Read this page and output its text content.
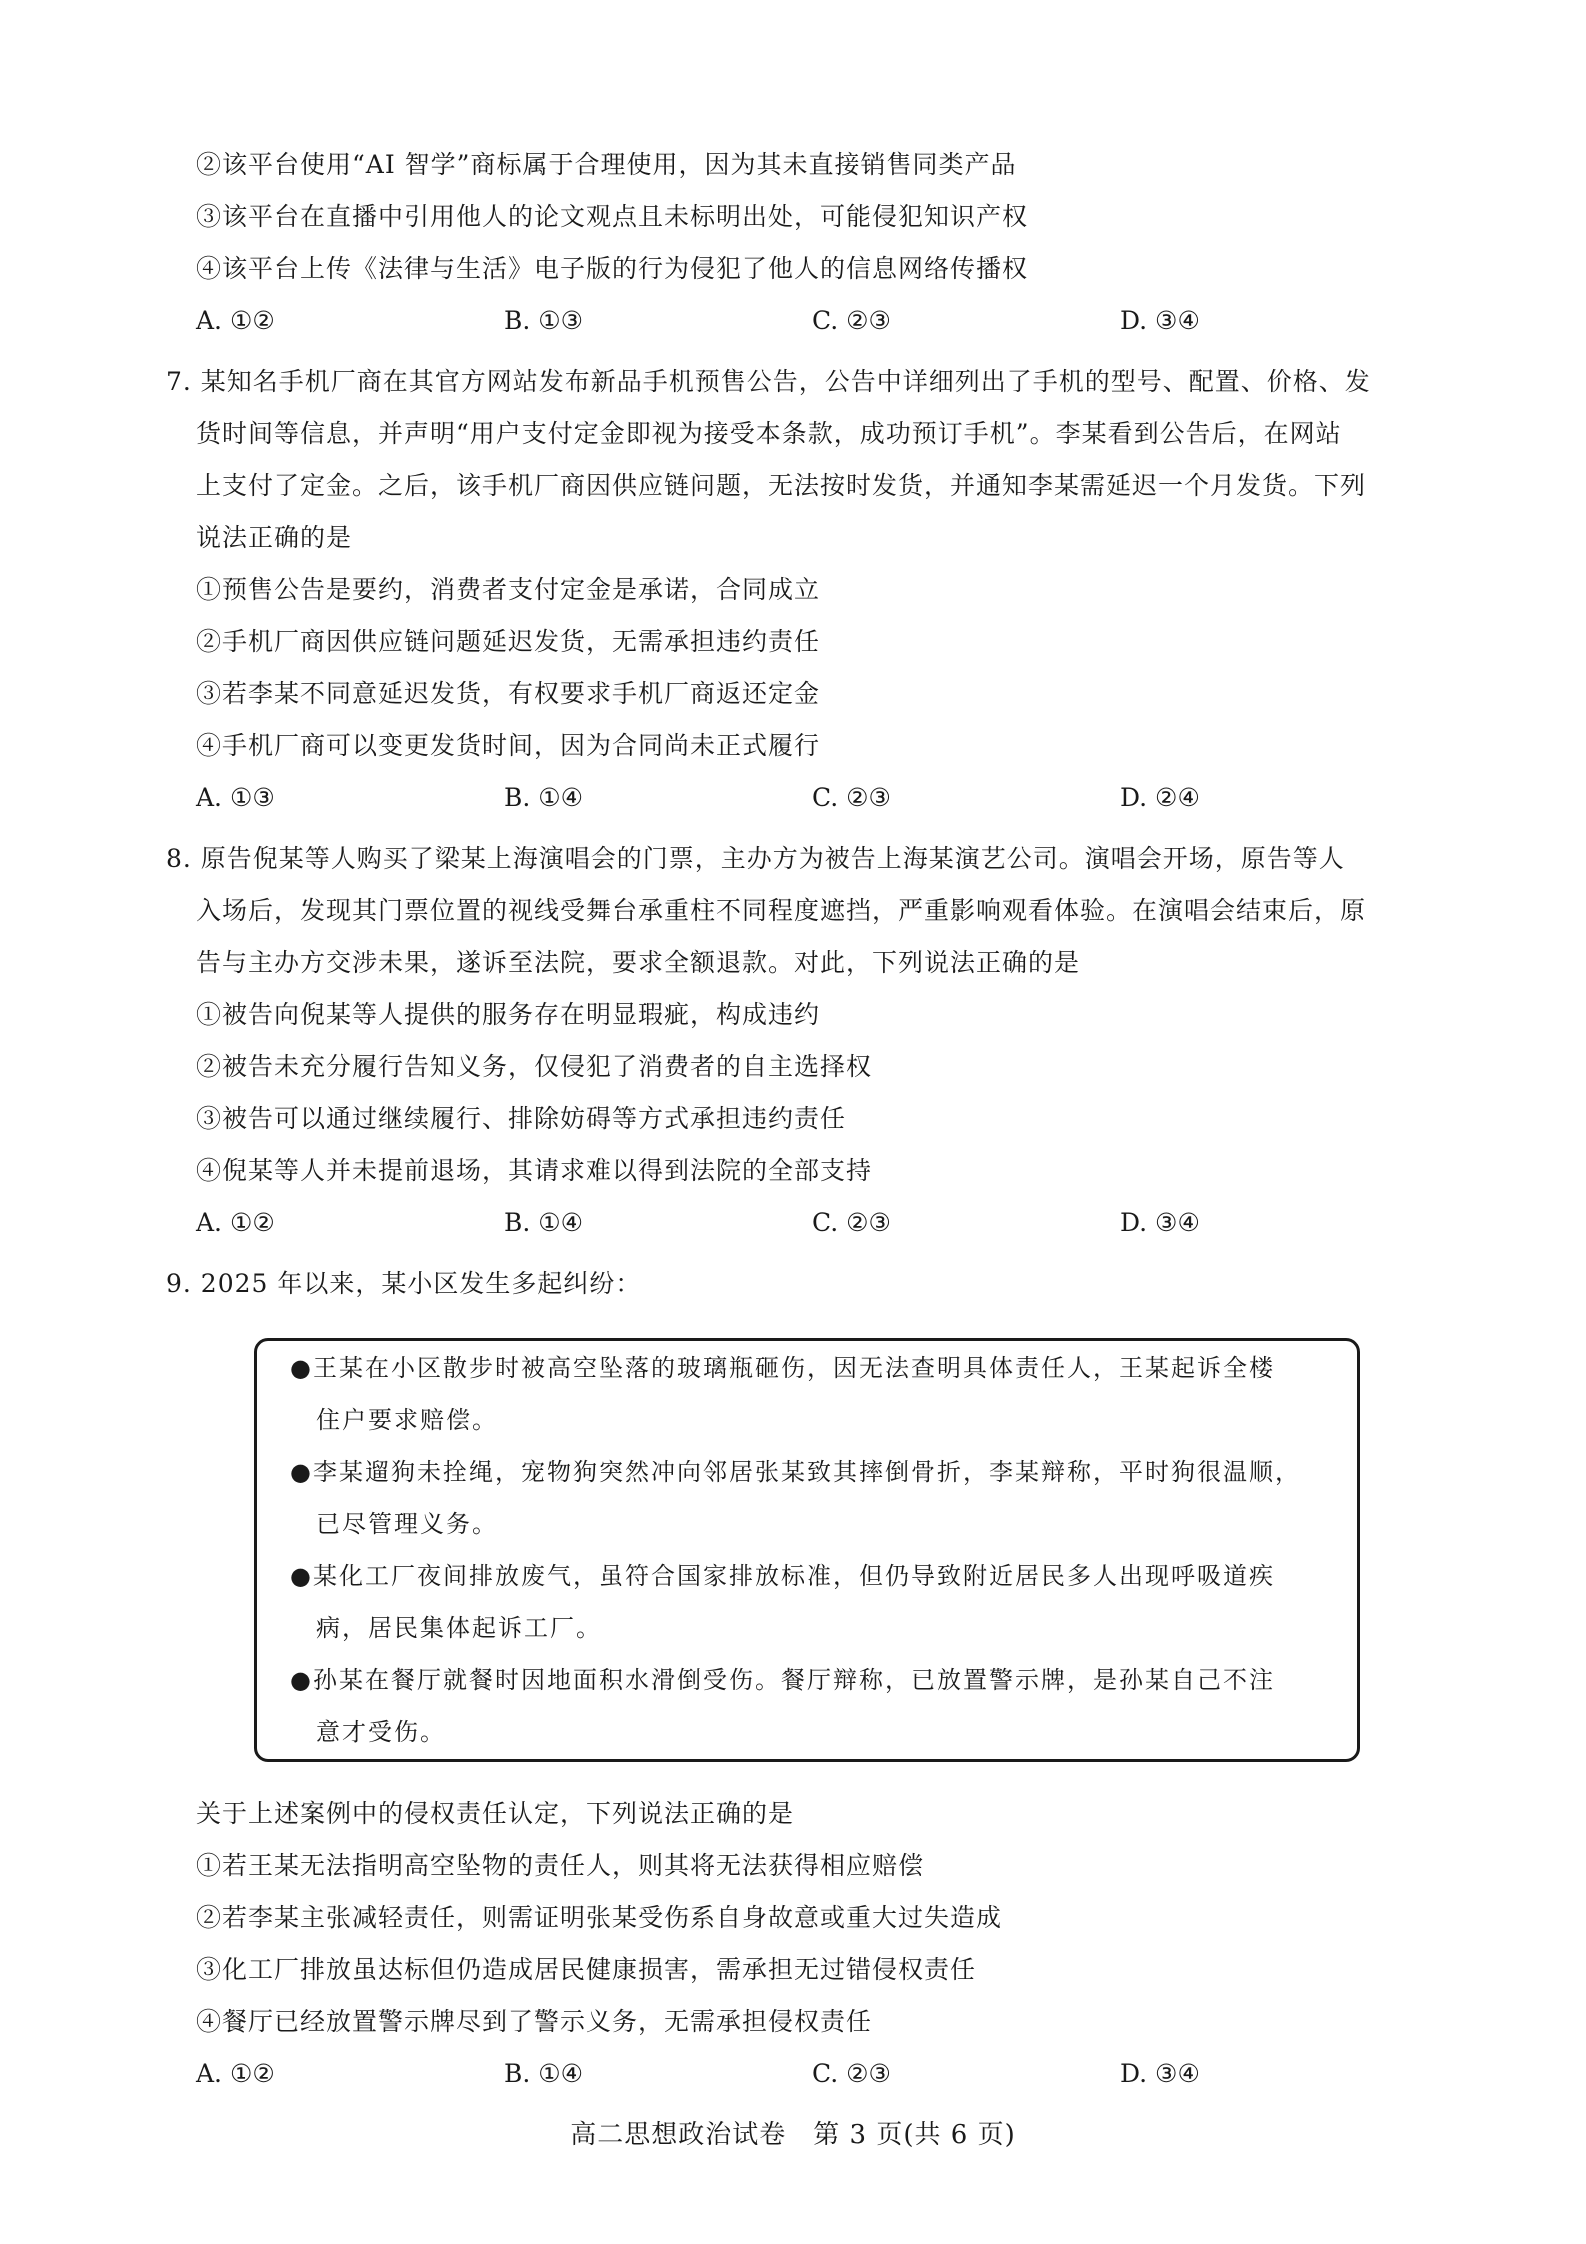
②该平台使用“AI 智学”商标属于合理使用，因为其未直接销售同类产品
③该平台在直播中引用他人的论文观点且未标明出处，可能侵犯知识产权
④该平台上传《法律与生活》电子版的行为侵犯了他人的信息网络传播权
A. ①②	B. ①③	C. ②③	D. ③④
7. 某知名手机厂商在其官方网站发布新品手机预售公告，公告中详细列出了手机的型号、配置、价格、发
货时间等信息，并声明“用户支付定金即视为接受本条款，成功预订手机”。李某看到公告后，在网站
上支付了定金。之后，该手机厂商因供应链问题，无法按时发货，并通知李某需延迟一个月发货。下列
说法正确的是
①预售公告是要约，消费者支付定金是承诺，合同成立
②手机厂商因供应链问题延迟发货，无需承担违约责任
③若李某不同意延迟发货，有权要求手机厂商返还定金
④手机厂商可以变更发货时间，因为合同尚未正式履行
A. ①③	B. ①④	C. ②③	D. ②④
8. 原告倪某等人购买了梁某上海演唱会的门票，主办方为被告上海某演艺公司。演唱会开场，原告等人
入场后，发现其门票位置的视线受舞台承重柱不同程度遮挡，严重影响观看体验。在演唱会结束后，原
告与主办方交涉未果，遂诉至法院，要求全额退款。对此，下列说法正确的是
①被告向倪某等人提供的服务存在明显瑕疵，构成违约
②被告未充分履行告知义务，仅侵犯了消费者的自主选择权
③被告可以通过继续履行、排除妨碍等方式承担违约责任
④倪某等人并未提前退场，其请求难以得到法院的全部支持
A. ①②	B. ①④	C. ②③	D. ③④
9. 2025 年以来，某小区发生多起纠纷：
●王某在小区散步时被高空坠落的玻璃瓶砸伤，因无法查明具体责任人，王某起诉全楼
住户要求赔偿。
●李某遛狗未拴绳，宠物狗突然冲向邻居张某致其摔倒骨折，李某辩称，平时狗很温顺，
已尽管理义务。
●某化工厂夜间排放废气，虽符合国家排放标准，但仍导致附近居民多人出现呼吸道疾
病，居民集体起诉工厂。
●孙某在餐厅就餐时因地面积水滑倒受伤。餐厅辩称，已放置警示牌，是孙某自己不注
意才受伤。
关于上述案例中的侵权责任认定，下列说法正确的是
①若王某无法指明高空坠物的责任人，则其将无法获得相应赔偿
②若李某主张减轻责任，则需证明张某受伤系自身故意或重大过失造成
③化工厂排放虽达标但仍造成居民健康损害，需承担无过错侵权责任
④餐厅已经放置警示牌尽到了警示义务，无需承担侵权责任
A. ①②	B. ①④	C. ②③	D. ③④
高二思想政治试卷　第 3 页(共 6 页)
